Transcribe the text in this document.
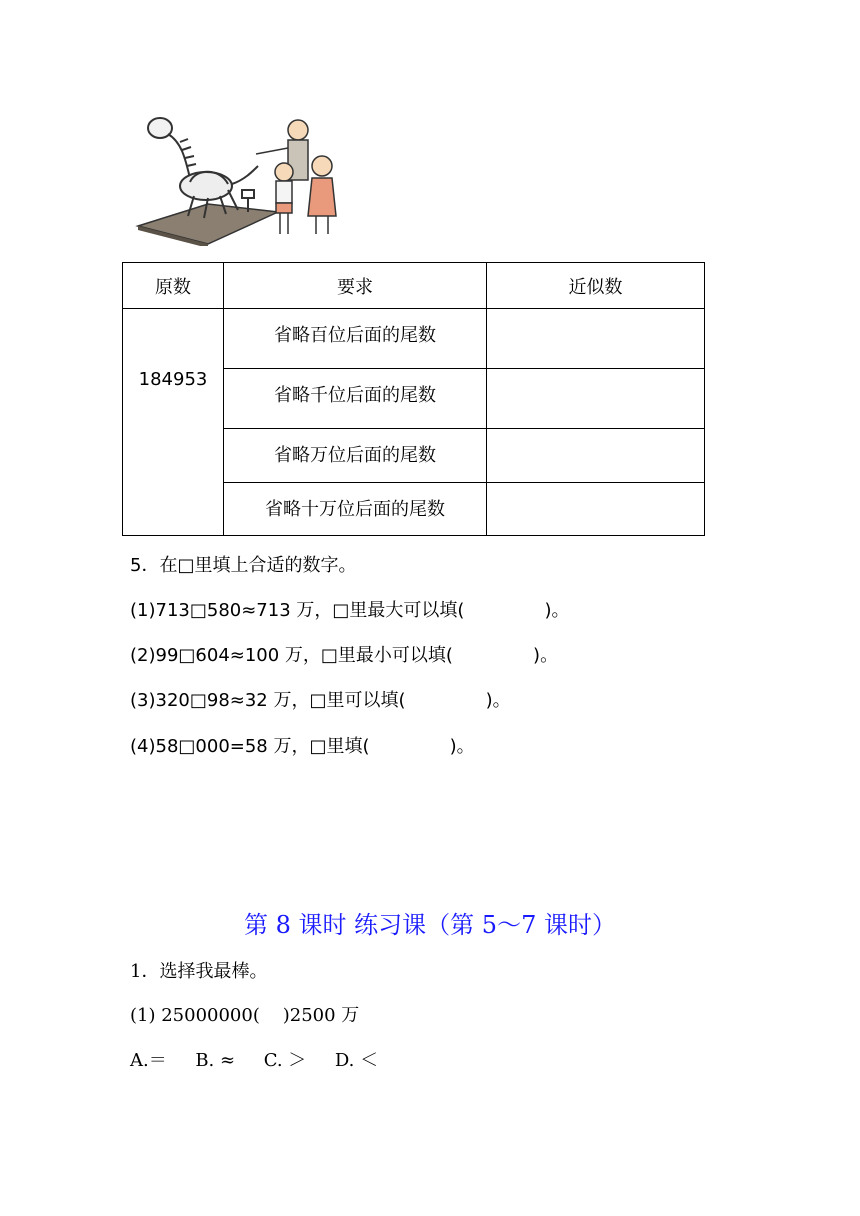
原数	要求	近似数
184953	省略百位后面的尾数	
	省略千位后面的尾数	
	省略万位后面的尾数	
	省略十万位后面的尾数	
5．在□里填上合适的数字。
(1)713□580≈713 万，□里最大可以填(              )。
(2)99□604≈100 万，□里最小可以填(              )。
(3)320□98≈32 万，□里可以填(              )。
(4)58□000=58 万，□里填(              )。
第 8 课时 练习课（第 5～7 课时）
1．选择我最棒。
(1) 25000000(    )2500 万
A.＝     B. ≈     C. ＞     D. ＜
